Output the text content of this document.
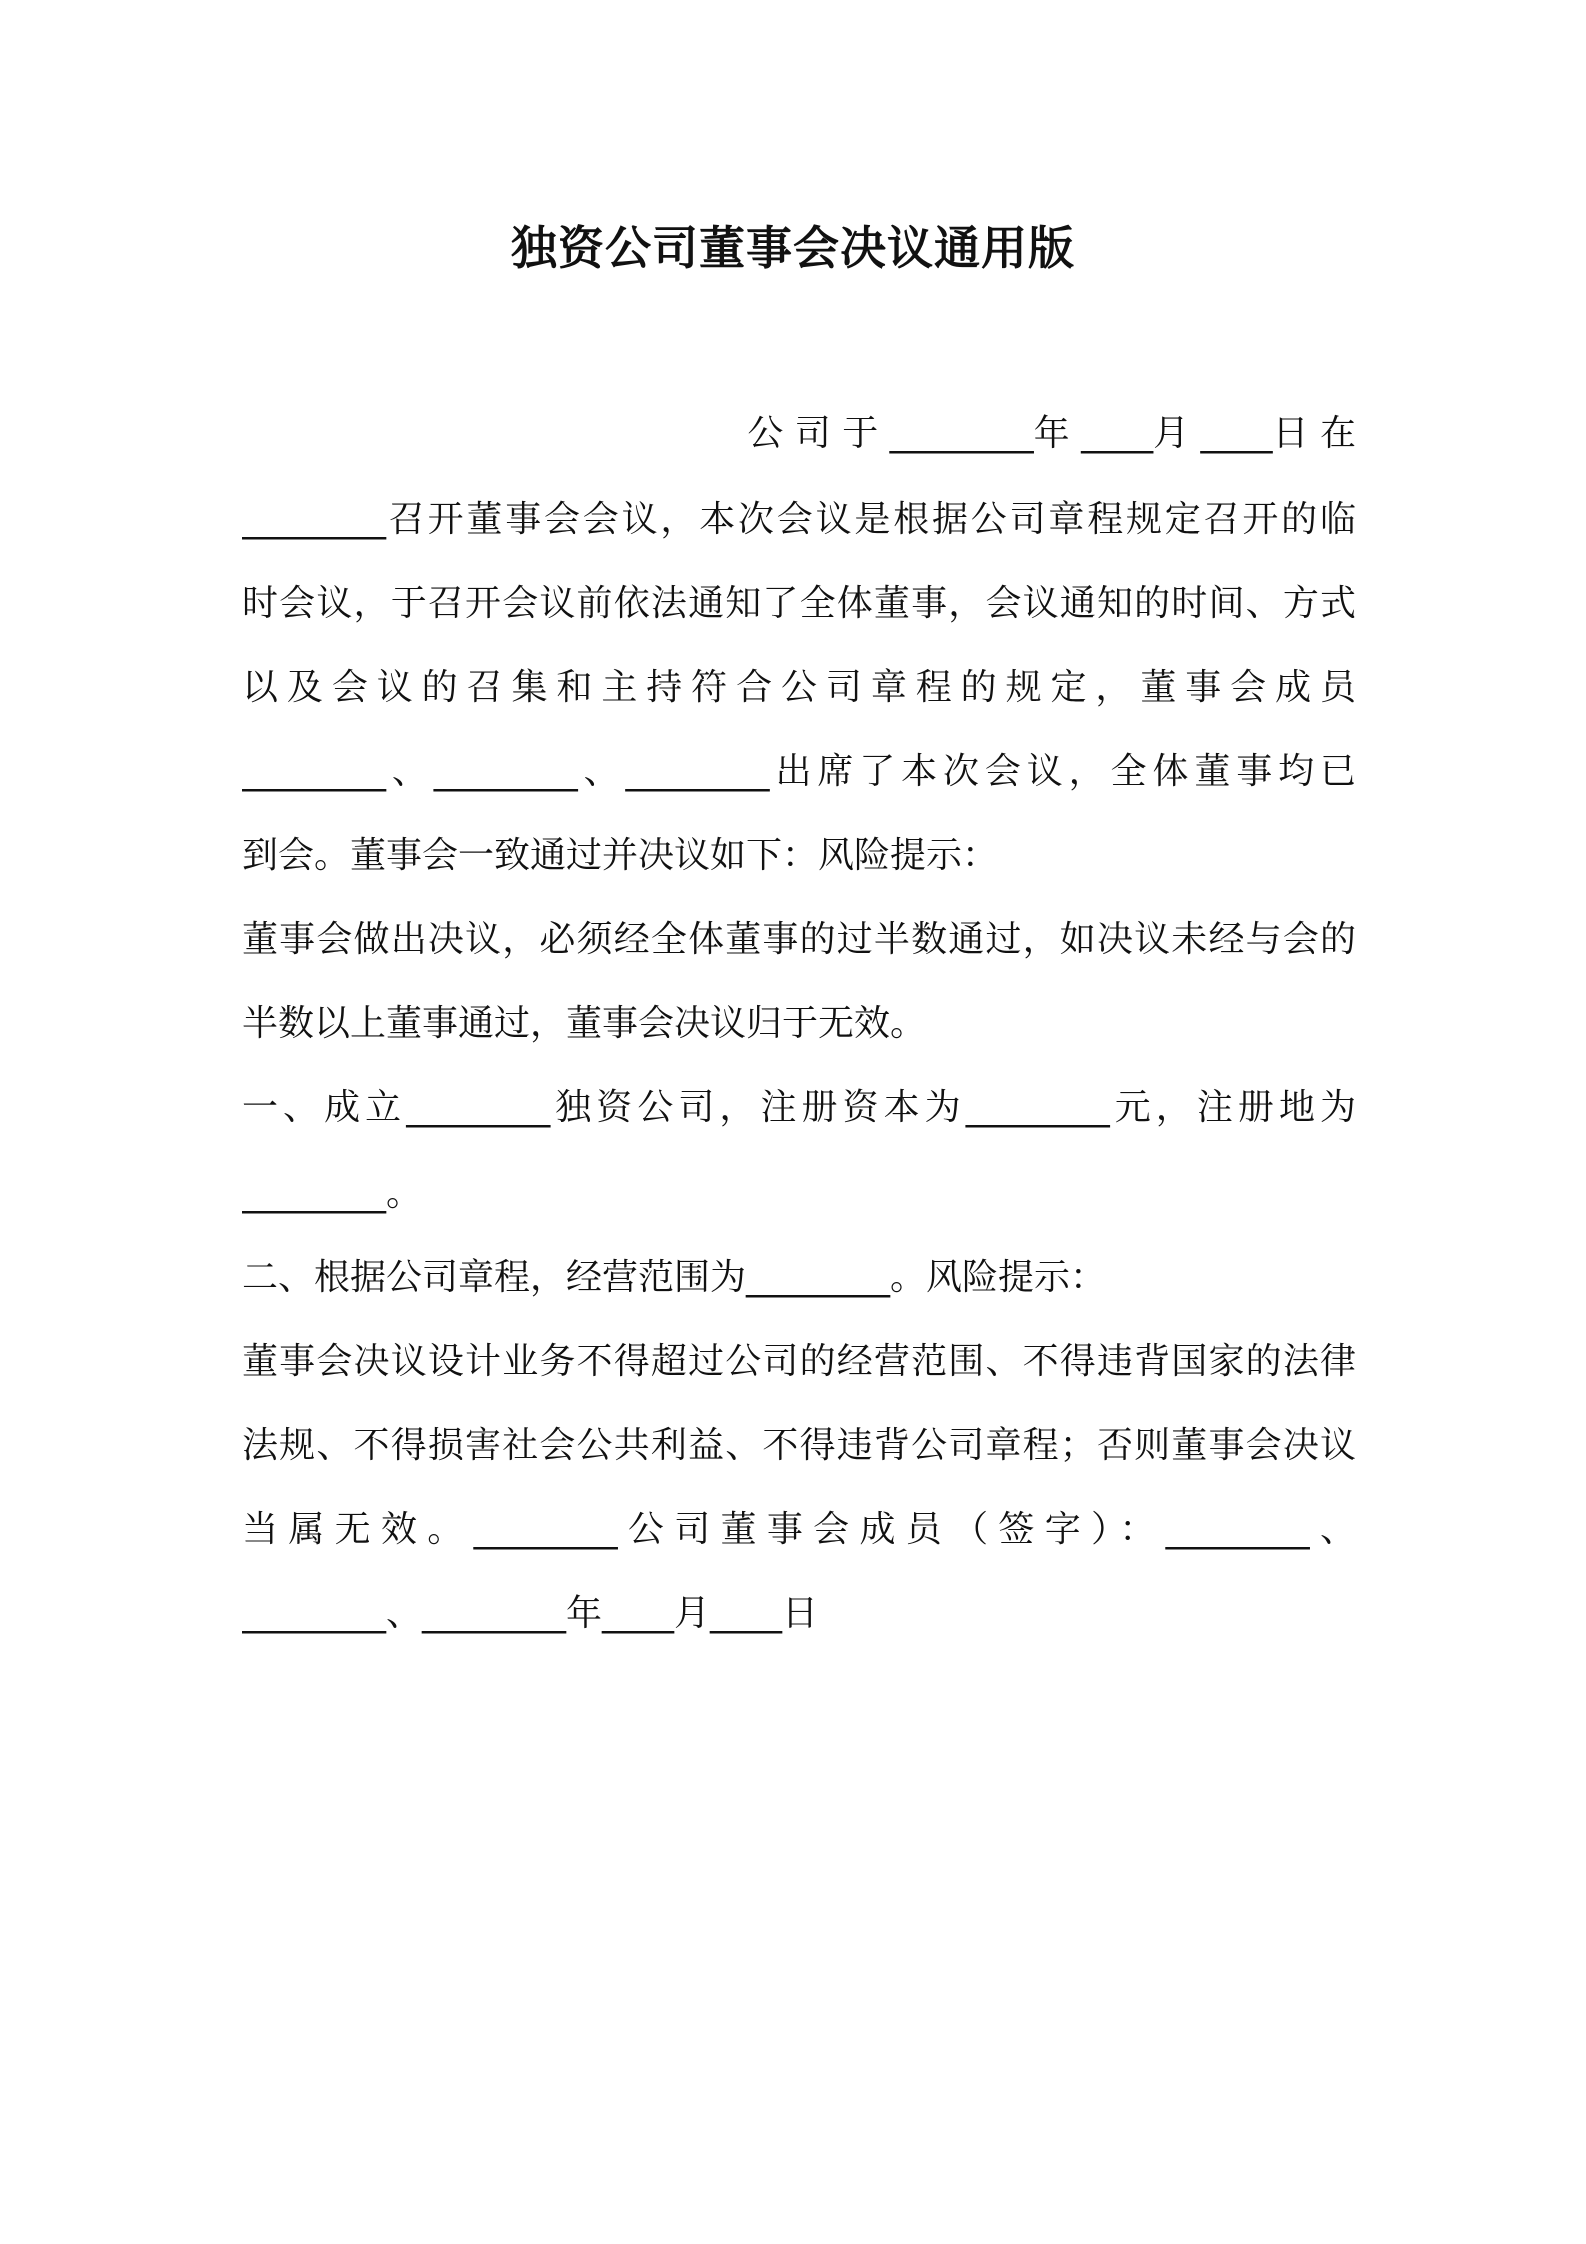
独资公司董事会决议通用版
公 司 于 ________年 ____月 ____日 在
________召开董事会会议，本次会议是根据公司章程规定召开的临
时会议，于召开会议前依法通知了全体董事，会议通知的时间、方式
以及会议的召集和主持符合公司章程的规定，董事会成员
________、________、________出席了本次会议，全体董事均已
到会。董事会一致通过并决议如下：风险提示：
董事会做出决议，必须经全体董事的过半数通过，如决议未经与会的
半数以上董事通过，董事会决议归于无效。
一、成立________独资公司，注册资本为________元，注册地为
________。
二、根据公司章程，经营范围为________。风险提示：
董事会决议设计业务不得超过公司的经营范围、不得违背国家的法律
法规、不得损害社会公共利益、不得违背公司章程；否则董事会决议
当属无效。________公司董事会成员（签字）：________、
________、________年____月____日
